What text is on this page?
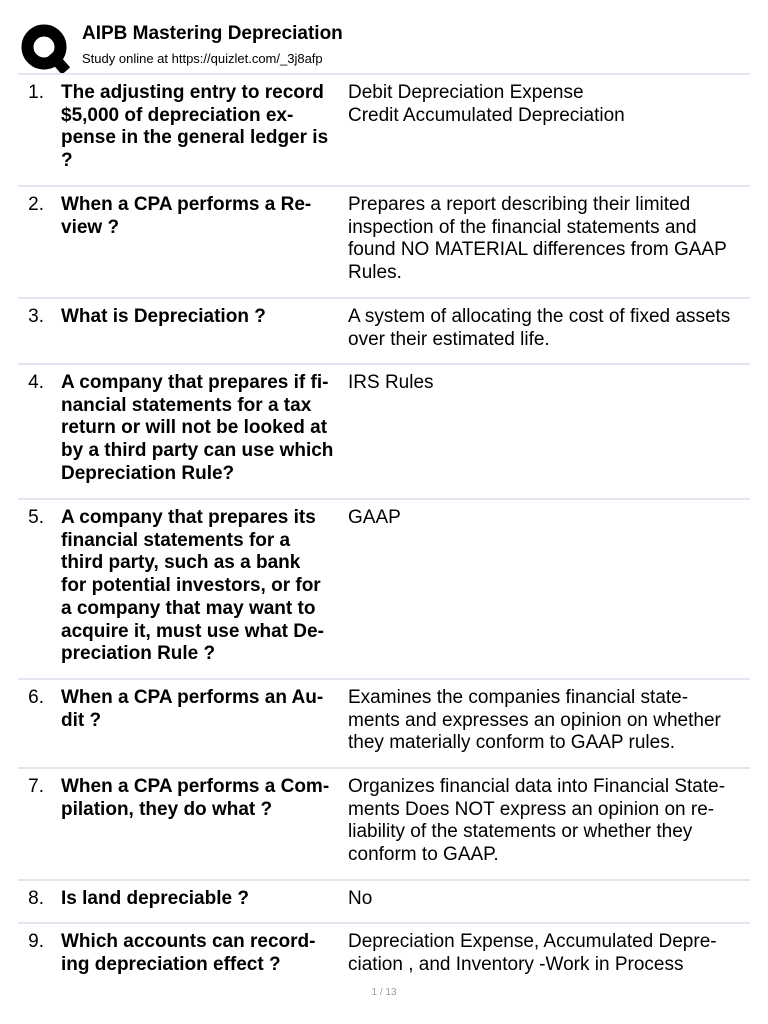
AIPB Mastering Depreciation
Study online at https://quizlet.com/_3j8afp
1. The adjusting entry to record
$5,000 of depreciation ex-
pense in the general ledger is
?
Debit Depreciation Expense
Credit Accumulated Depreciation
2. When a CPA performs a Re-
view ?
Prepares a report describing their limited
inspection of the financial statements and
found NO MATERIAL differences from GAAP
Rules.
3. What is Depreciation ?	A system of allocating the cost of fixed assets
over their estimated life.
4. A company that prepares if fi-
nancial statements for a tax
return or will not be looked at
by a third party can use which
Depreciation Rule?
IRS Rules
5. A company that prepares its
financial statements for a
third party, such as a bank
for potential investors, or for
a company that may want to
acquire it, must use what De-
preciation Rule ?
GAAP
6. When a CPA performs an Au-
dit ?
Examines the companies financial state-
ments and expresses an opinion on whether
they materially conform to GAAP rules.
7. When a CPA performs a Com-
pilation, they do what ?
Organizes financial data into Financial State-
ments Does NOT express an opinion on re-
liability of the statements or whether they
conform to GAAP.
8. Is land depreciable ?	No
9. Which accounts can record-
ing depreciation effect ?
Depreciation Expense, Accumulated Depre-
ciation , and Inventory -Work in Process
1 / 13
